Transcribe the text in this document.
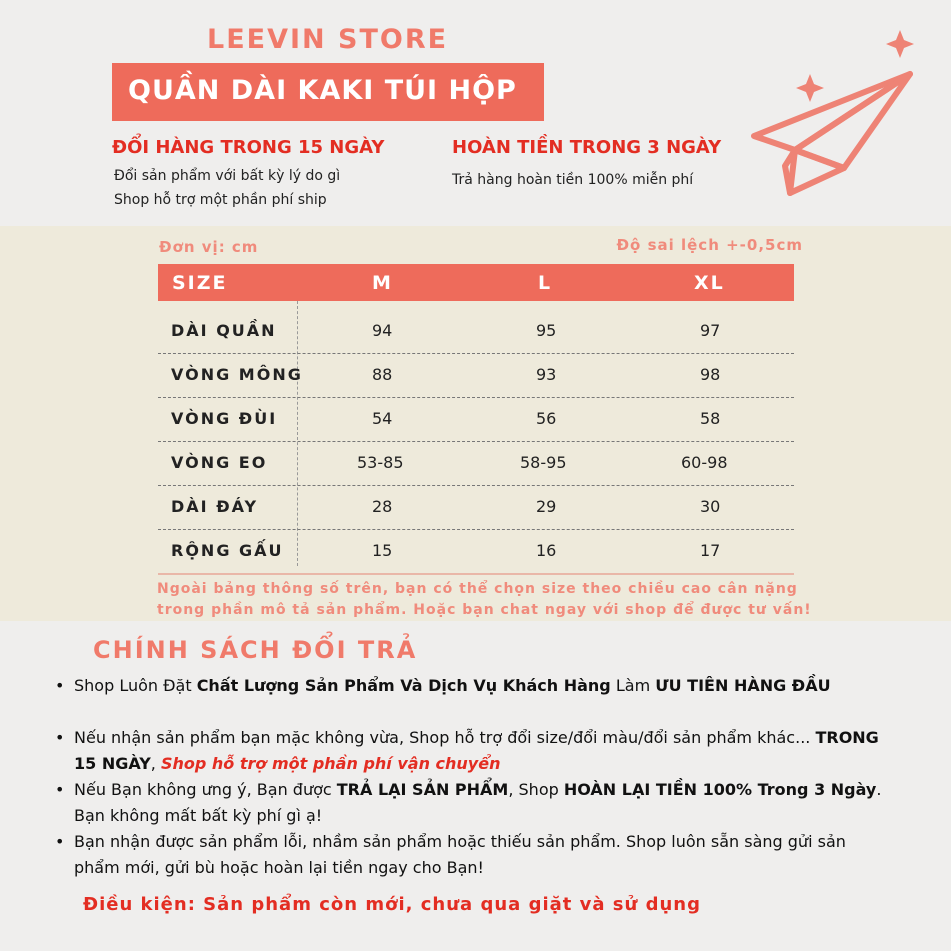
LEEVIN STORE
QUẦN DÀI KAKI TÚI HỘP
ĐỔI HÀNG TRONG 15 NGÀY
Đổi sản phẩm với bất kỳ lý do gì
Shop hỗ trợ một phần phí ship
HOÀN TIỀN TRONG 3 NGÀY
Trả hàng hoàn tiền 100% miễn phí
Đơn vị: cm	Độ sai lệch +-0,5cm
SIZE	M	L	XL
DÀI QUẦN	94	95	97
VÒNG MÔNG	88	93	98
VÒNG ĐÙI	54	56	58
VÒNG EO	53-85	58-95	60-98
DÀI ĐÁY	28	29	30
RỘNG GẤU	15	16	17
Ngoài bảng thông số trên, bạn có thể chọn size theo chiều cao cân nặng
trong phần mô tả sản phẩm. Hoặc bạn chat ngay với shop để được tư vấn!
CHÍNH SÁCH ĐỔI TRẢ
• Shop Luôn Đặt Chất Lượng Sản Phẩm Và Dịch Vụ Khách Hàng Làm ƯU TIÊN HÀNG ĐẦU
• Nếu nhận sản phẩm bạn mặc không vừa, Shop hỗ trợ đổi size/đổi màu/đổi sản phẩm khác... TRONG 15 NGÀY, Shop hỗ trợ một phần phí vận chuyển
• Nếu Bạn không ưng ý, Bạn được TRẢ LẠI SẢN PHẨM, Shop HOÀN LẠI TIỀN 100% Trong 3 Ngày. Bạn không mất bất kỳ phí gì ạ!
• Bạn nhận được sản phẩm lỗi, nhầm sản phẩm hoặc thiếu sản phẩm. Shop luôn sẵn sàng gửi sản phẩm mới, gửi bù hoặc hoàn lại tiền ngay cho Bạn!
Điều kiện: Sản phẩm còn mới, chưa qua giặt và sử dụng
